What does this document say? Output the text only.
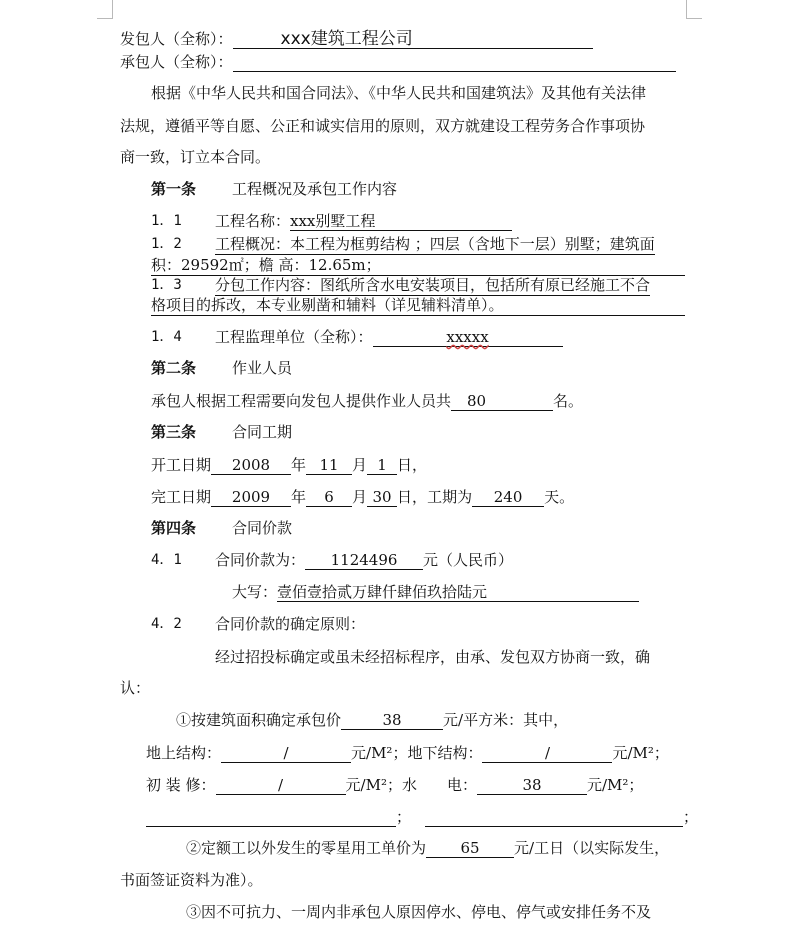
发包人（全称）：	xxx建筑工程公司
承包人（全称）：
根据《中华人民共和国合同法》、《中华人民共和国建筑法》及其他有关法律
法规，遵循平等自愿、公正和诚实信用的原则，双方就建设工程劳务合作事项协
商一致，订立本合同。
第一条 工程概况及承包工作内容
1．1 工程名称：xxx别墅工程
1．2 工程概况：本工程为框剪结构 ；四层（含地下一层）别墅；建筑面
积：29592㎡；檐 高：12.65m；
1．3 分包工作内容：图纸所含水电安装项目，包括所有原已经施工不合
格项目的拆改，本专业剔凿和辅料（详见辅料清单）。
1．4 工程监理单位（全称）：	xxxxx
第二条 作业人员
承包人根据工程需要向发包人提供作业人员共 80	名。
第三条 合同工期
开工日期 2008 年 11 月 1 日，
完工日期 2009 年 6 月 30 日，工期为 240 天。
第四条 合同价款
4．1 合同价款为： 1124496 元（人民币）
大写：壹佰壹拾贰万肆仟肆佰玖拾陆元
4．2 合同价款的确定原则：
经过招投标确定或虽未经招标程序，由承、发包双方协商一致，确
认：
①按建筑面积确定承包价	38	元/平方米：其中，
地上结构：	/	元/M²；地下结构：	/	元/M²；
初 装 修：	/	元/M²；水　　电：	38	元/M²；
；	；
②定额工以外发生的零星用工单价为 65 元/工日（以实际发生，
书面签证资料为准）。
③因不可抗力、一周内非承包人原因停水、停电、停气或安排任务不及
